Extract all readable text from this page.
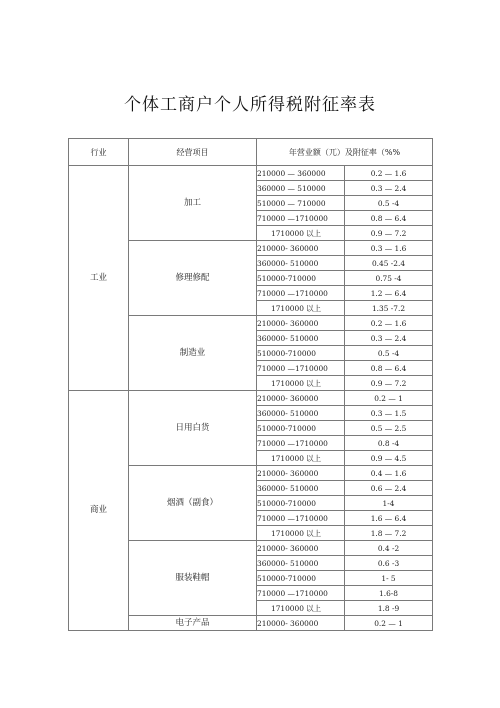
个体工商户个人所得税附征率表
行业	经营项目	年营业额（兀）及附征率（%%	
工业	加工	210000 — 360000	0.2 — 1.6
		360000 — 510000	0.3 — 2.4
		510000 — 710000	0.5 -4
		710000 —1710000	0.8 — 6.4
		1710000 以上	0.9 — 7.2
	修理修配	210000- 360000	0.3 — 1.6
		360000- 510000	0.45 -2.4
		510000-710000	0.75 -4
		710000 —1710000	1.2 — 6.4
		1710000 以上	1.35 -7.2
	制造业	210000- 360000	0.2 — 1.6
		360000- 510000	0.3 — 2.4
		510000-710000	0.5 -4
		710000 —1710000	0.8 — 6.4
		1710000 以上	0.9 — 7.2
商业	日用白货	210000- 360000	0.2 — 1
		360000- 510000	0.3 — 1.5
		510000-710000	0.5 — 2.5
		710000 —1710000	0.8 -4
		1710000 以上	0.9 — 4.5
	烟酒（副食）	210000- 360000	0.4 — 1.6
		360000- 510000	0.6 — 2.4
		510000-710000	1-4
		710000 —1710000	1.6 — 6.4
		1710000 以上	1.8 — 7.2
	服装鞋帽	210000- 360000	0.4 -2
		360000- 510000	0.6 -3
		510000-710000	1- 5
		710000 —1710000	1.6-8
		1710000 以上	1.8 -9
	电子产品	210000- 360000	0.2 — 1
